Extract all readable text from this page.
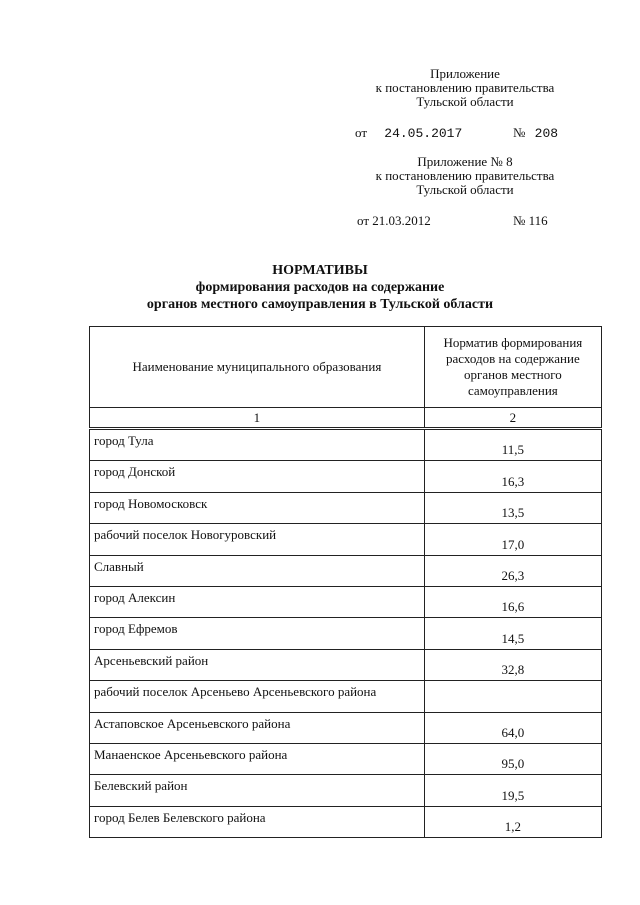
Приложение
к постановлению правительства
Тульской области
от 24.05.2017	№ 208
Приложение № 8
к постановлению правительства
Тульской области
от 21.03.2012	№ 116
НОРМАТИВЫ
формирования расходов на содержание
органов местного самоуправления в Тульской области
Наименование муниципального образования	Норматив формирования расходов на содержание органов местного самоуправления
1	2
город Тула	11,5
город Донской	16,3
город Новомосковск	13,5
рабочий поселок Новогуровский	17,0
Славный	26,3
город Алексин	16,6
город Ефремов	14,5
Арсеньевский район	32,8
рабочий поселок Арсеньево Арсеньевского района	
Астаповское Арсеньевского района	64,0
Манаенское Арсеньевского района	95,0
Белевский район	19,5
город Белев Белевского района	1,2
